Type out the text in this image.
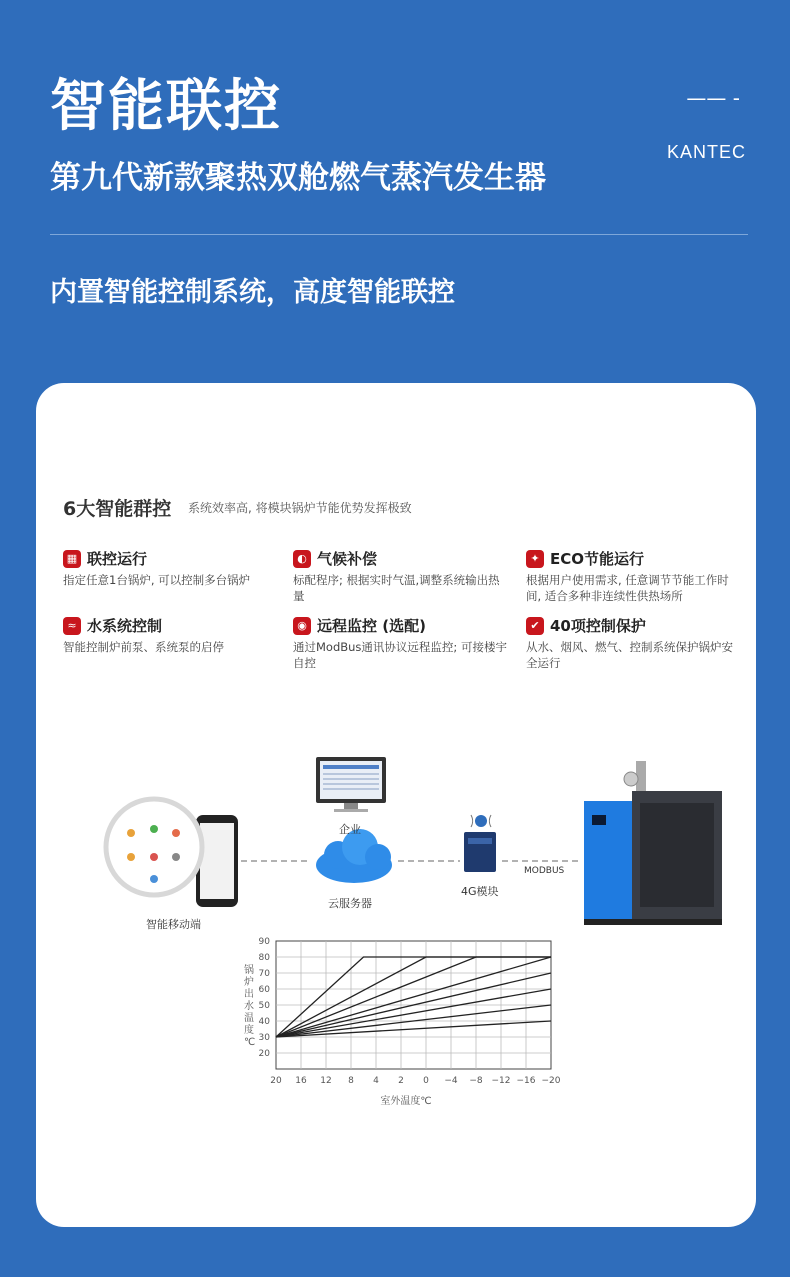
智能联控	—— -
KANTEC
第九代新款聚热双舱燃气蒸汽发生器
内置智能控制系统，高度智能联控
6大智能群控 系统效率高, 将模块锅炉节能优势发挥极致
▦ 联控运行
指定任意1台锅炉, 可以控制多台锅炉
◐ 气候补偿
标配程序; 根据实时气温,调整系统输出热量
✦ ECO节能运行
根据用户使用需求, 任意调节节能工作时间, 适合多种非连续性供热场所
≈ 水系统控制
智能控制炉前泵、系统泵的启停
◉ 远程监控 (选配)
通过ModBus通讯协议远程监控; 可接楼宇自控
✔ 40项控制保护
从水、烟风、燃气、控制系统保护锅炉安全运行
企业
智能移动端
云服务器
4G模块
MODBUS
90
80
70
60
50
40
30
20
20 16 12 8 4 2 0 −4 −8 −12 −16 −20
锅炉出水温度℃
室外温度℃
